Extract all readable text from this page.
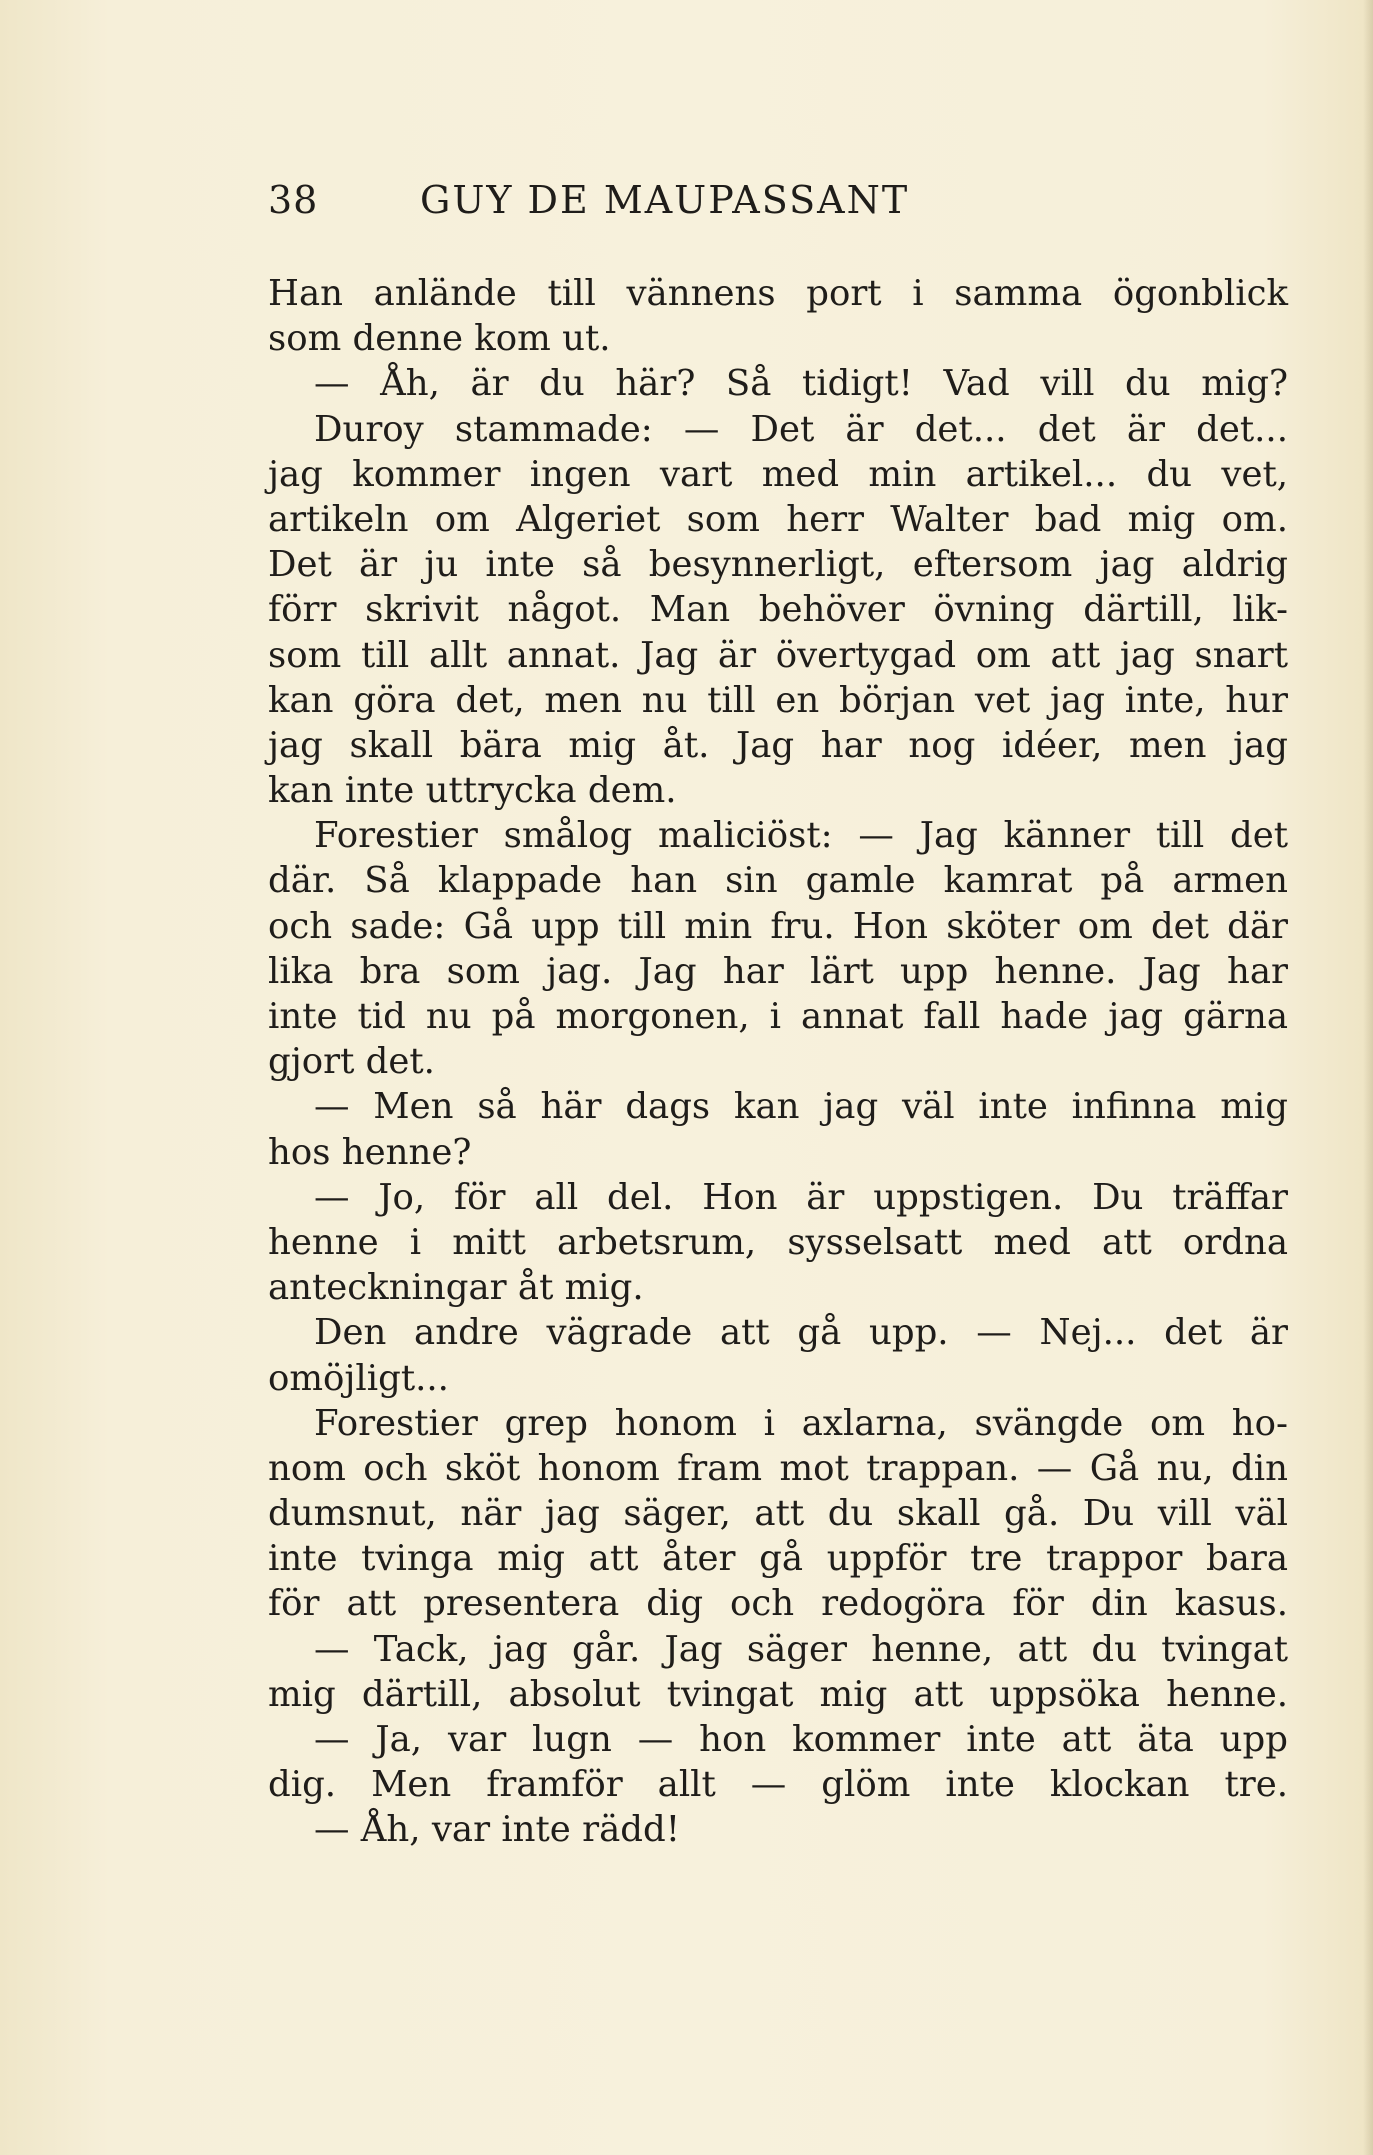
38	GUY DE MAUPASSANT
Han anlände till vännens port i samma ögonblick
som denne kom ut.
— Åh, är du här? Så tidigt! Vad vill du mig?
Duroy stammade: — Det är det... det är det...
jag kommer ingen vart med min artikel... du vet,
artikeln om Algeriet som herr Walter bad mig om.
Det är ju inte så besynnerligt, eftersom jag aldrig
förr skrivit något. Man behöver övning därtill, lik-
som till allt annat. Jag är övertygad om att jag snart
kan göra det, men nu till en början vet jag inte, hur
jag skall bära mig åt. Jag har nog idéer, men jag
kan inte uttrycka dem.
Forestier smålog maliciöst: — Jag känner till det
där. Så klappade han sin gamle kamrat på armen
och sade: Gå upp till min fru. Hon sköter om det där
lika bra som jag. Jag har lärt upp henne. Jag har
inte tid nu på morgonen, i annat fall hade jag gärna
gjort det.
— Men så här dags kan jag väl inte infinna mig
hos henne?
— Jo, för all del. Hon är uppstigen. Du träffar
henne i mitt arbetsrum, sysselsatt med att ordna
anteckningar åt mig.
Den andre vägrade att gå upp. — Nej... det är
omöjligt...
Forestier grep honom i axlarna, svängde om ho-
nom och sköt honom fram mot trappan. — Gå nu, din
dumsnut, när jag säger, att du skall gå. Du vill väl
inte tvinga mig att åter gå uppför tre trappor bara
för att presentera dig och redogöra för din kasus.
— Tack, jag går. Jag säger henne, att du tvingat
mig därtill, absolut tvingat mig att uppsöka henne.
— Ja, var lugn — hon kommer inte att äta upp
dig. Men framför allt — glöm inte klockan tre.
— Åh, var inte rädd!
